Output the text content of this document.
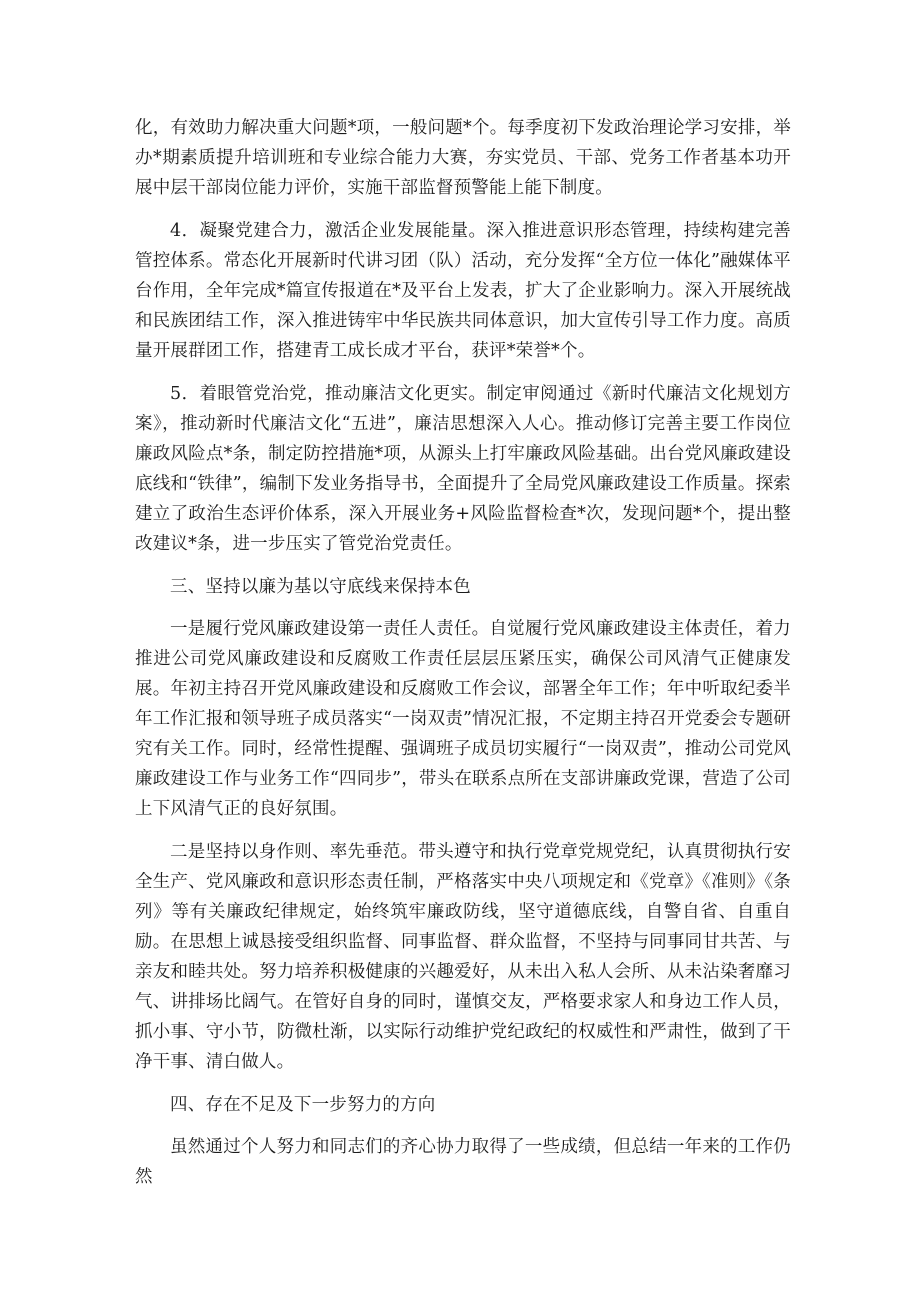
化，有效助力解决重大问题*项，一般问题*个。每季度初下发政治理论学习安排，举办*期素质提升培训班和专业综合能力大赛，夯实党员、干部、党务工作者基本功开展中层干部岗位能力评价，实施干部监督预警能上能下制度。

4．凝聚党建合力，激活企业发展能量。深入推进意识形态管理，持续构建完善管控体系。常态化开展新时代讲习团（队）活动，充分发挥“全方位一体化”融媒体平台作用，全年完成*篇宣传报道在*及平台上发表，扩大了企业影响力。深入开展统战和民族团结工作，深入推进铸牢中华民族共同体意识，加大宣传引导工作力度。高质量开展群团工作，搭建青工成长成才平台，获评*荣誉*个。

5．着眼管党治党，推动廉洁文化更实。制定审阅通过《新时代廉洁文化规划方案》，推动新时代廉洁文化“五进”，廉洁思想深入人心。推动修订完善主要工作岗位廉政风险点*条，制定防控措施*项，从源头上打牢廉政风险基础。出台党风廉政建设底线和“铁律”，编制下发业务指导书，全面提升了全局党风廉政建设工作质量。探索建立了政治生态评价体系，深入开展业务+风险监督检查*次，发现问题*个，提出整改建议*条，进一步压实了管党治党责任。

三、坚持以廉为基以守底线来保持本色

一是履行党风廉政建设第一责任人责任。自觉履行党风廉政建设主体责任，着力推进公司党风廉政建设和反腐败工作责任层层压紧压实，确保公司风清气正健康发展。年初主持召开党风廉政建设和反腐败工作会议，部署全年工作；年中听取纪委半年工作汇报和领导班子成员落实“一岗双责”情况汇报，不定期主持召开党委会专题研究有关工作。同时，经常性提醒、强调班子成员切实履行“一岗双责”，推动公司党风廉政建设工作与业务工作“四同步”，带头在联系点所在支部讲廉政党课，营造了公司上下风清气正的良好氛围。

二是坚持以身作则、率先垂范。带头遵守和执行党章党规党纪，认真贯彻执行安全生产、党风廉政和意识形态责任制，严格落实中央八项规定和《党章》《准则》《条列》等有关廉政纪律规定，始终筑牢廉政防线，坚守道德底线，自警自省、自重自励。在思想上诚恳接受组织监督、同事监督、群众监督，不坚持与同事同甘共苦、与亲友和睦共处。努力培养积极健康的兴趣爱好，从未出入私人会所、从未沾染奢靡习气、讲排场比阔气。在管好自身的同时，谨慎交友，严格要求家人和身边工作人员，抓小事、守小节，防微杜渐，以实际行动维护党纪政纪的权威性和严肃性，做到了干净干事、清白做人。

四、存在不足及下一步努力的方向

虽然通过个人努力和同志们的齐心协力取得了一些成绩，但总结一年来的工作仍然
